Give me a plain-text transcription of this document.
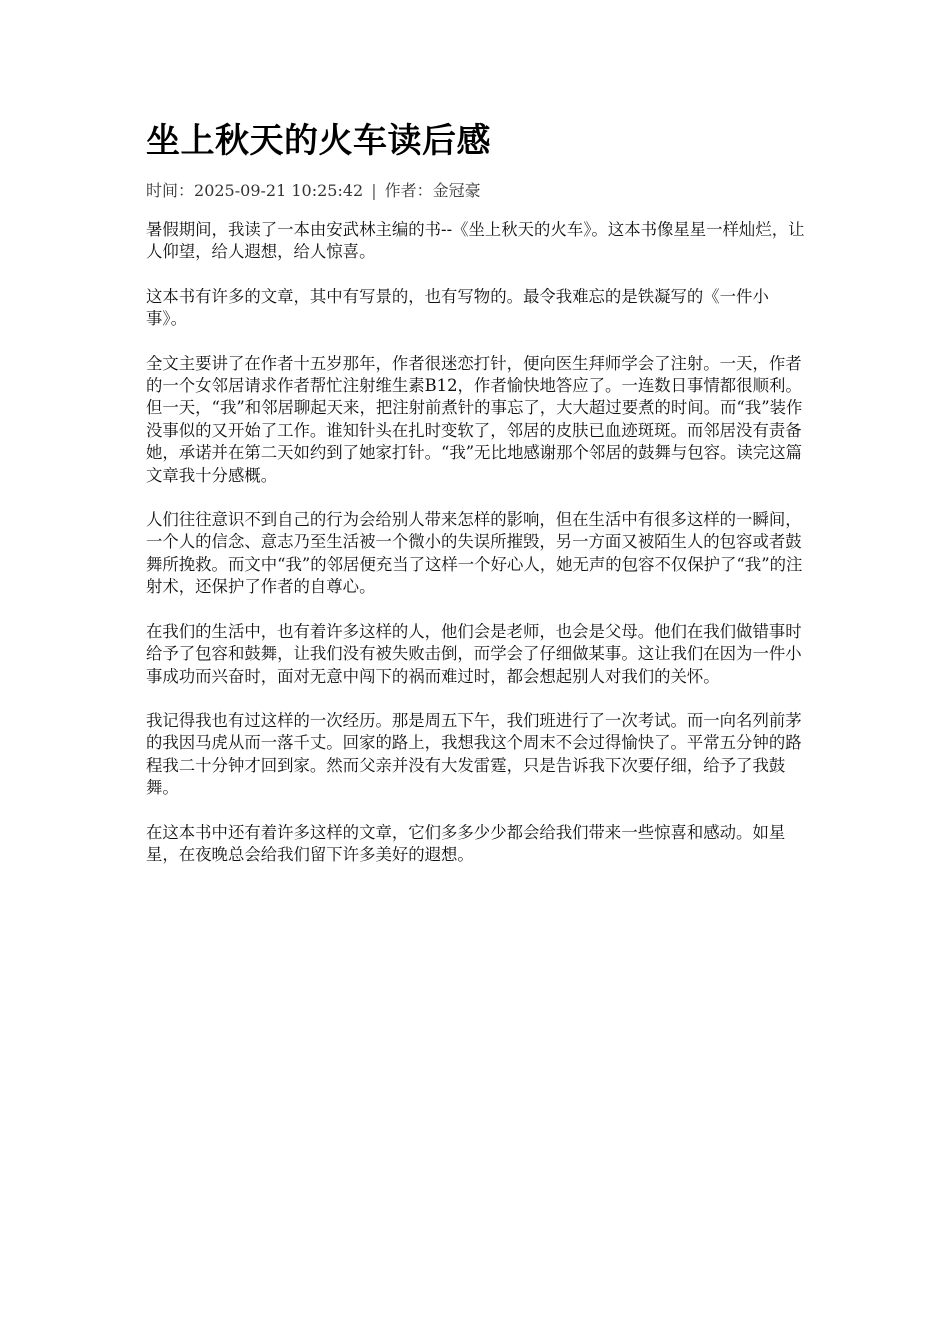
坐上秋天的火车读后感
时间：2025-09-21 10:25:42 | 作者：金冠豪

暑假期间，我读了一本由安武林主编的书--《坐上秋天的火车》。这本书像星星一样灿烂，让人仰望，给人遐想，给人惊喜。

这本书有许多的文章，其中有写景的，也有写物的。最令我难忘的是铁凝写的《一件小事》。

全文主要讲了在作者十五岁那年，作者很迷恋打针，便向医生拜师学会了注射。一天，作者的一个女邻居请求作者帮忙注射维生素B12，作者愉快地答应了。一连数日事情都很顺利。但一天，“我”和邻居聊起天来，把注射前煮针的事忘了，大大超过要煮的时间。而“我”装作没事似的又开始了工作。谁知针头在扎时变软了，邻居的皮肤已血迹斑斑。而邻居没有责备她，承诺并在第二天如约到了她家打针。“我”无比地感谢那个邻居的鼓舞与包容。读完这篇文章我十分感概。

人们往往意识不到自己的行为会给别人带来怎样的影响，但在生活中有很多这样的一瞬间，一个人的信念、意志乃至生活被一个微小的失误所摧毁，另一方面又被陌生人的包容或者鼓舞所挽救。而文中“我”的邻居便充当了这样一个好心人，她无声的包容不仅保护了“我”的注射术，还保护了作者的自尊心。

在我们的生活中，也有着许多这样的人，他们会是老师，也会是父母。他们在我们做错事时给予了包容和鼓舞，让我们没有被失败击倒，而学会了仔细做某事。这让我们在因为一件小事成功而兴奋时，面对无意中闯下的祸而难过时，都会想起别人对我们的关怀。

我记得我也有过这样的一次经历。那是周五下午，我们班进行了一次考试。而一向名列前茅的我因马虎从而一落千丈。回家的路上，我想我这个周末不会过得愉快了。平常五分钟的路程我二十分钟才回到家。然而父亲并没有大发雷霆，只是告诉我下次要仔细，给予了我鼓舞。

在这本书中还有着许多这样的文章，它们多多少少都会给我们带来一些惊喜和感动。如星星，在夜晚总会给我们留下许多美好的遐想。
